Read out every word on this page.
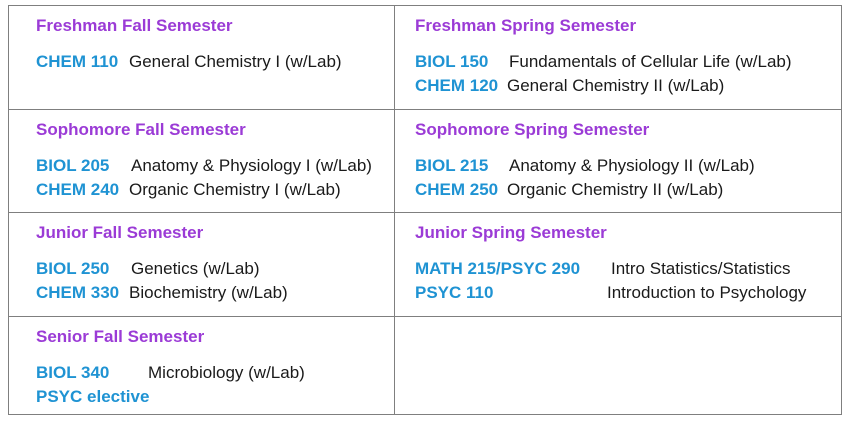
Freshman Fall Semester
CHEM 110 General Chemistry I (w/Lab)
Freshman Spring Semester
BIOL 150 Fundamentals of Cellular Life (w/Lab)
CHEM 120 General Chemistry II (w/Lab)
Sophomore Fall Semester
BIOL 205 Anatomy & Physiology I (w/Lab)
CHEM 240 Organic Chemistry I (w/Lab)
Sophomore Spring Semester
BIOL 215 Anatomy & Physiology II (w/Lab)
CHEM 250 Organic Chemistry II (w/Lab)
Junior Fall Semester
BIOL 250 Genetics (w/Lab)
CHEM 330 Biochemistry (w/Lab)
Junior Spring Semester
MATH 215/PSYC 290 Intro Statistics/Statistics
PSYC 110	Introduction to Psychology
Senior Fall Semester
BIOL 340 Microbiology (w/Lab)
PSYC elective
